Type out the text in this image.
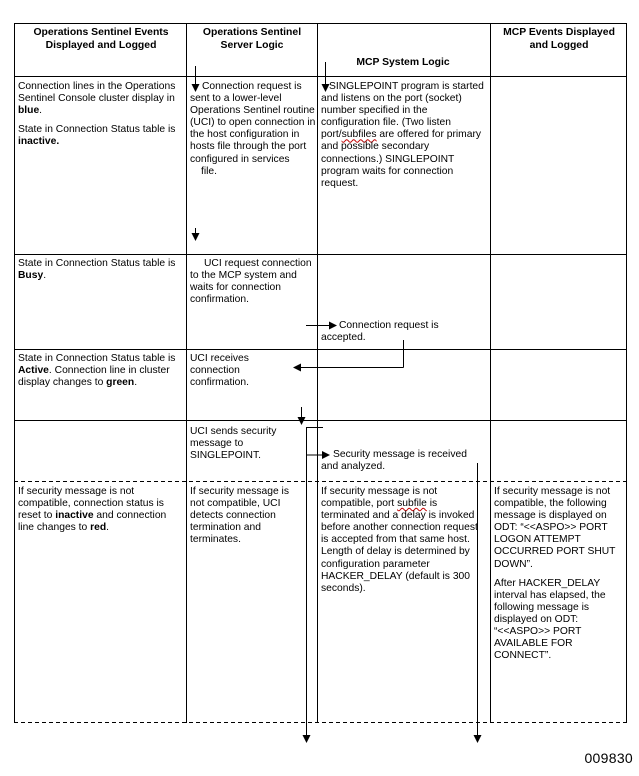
Operations Sentinel Events Displayed and Logged
Operations Sentinel Server Logic
MCP System Logic
MCP Events Displayed and Logged

Connection lines in the Operations Sentinel Console cluster display in blue.

State in Connection Status table is inactive.

Connection request is sent to a lower-level Operations Sentinel routine (UCI) to open connection in the host configuration in hosts file through the port configured in services
file.
SINGLEPOINT program is started and listens on the port (socket) number specified in the configuration file. (Two listen port/subfiles are offered for primary and possible secondary connections.) SINGLEPOINT program waits for connection request.
State in Connection Status table is Busy.
UCI request connection to the MCP system and waits for connection confirmation.
Connection request is accepted.
State in Connection Status table is Active. Connection line in cluster display changes to green.
UCI receives connection confirmation.
UCI sends security message to SINGLEPOINT.	Security message is received and analyzed.
If security message is not compatible, connection status is reset to inactive and connection line changes to red.
If security message is not compatible, UCI detects connection termination and terminates.
If security message is not compatible, port subfile is terminated and a delay is invoked before another connection request is accepted from that same host. Length of delay is determined by configuration parameter HACKER_DELAY (default is 300 seconds).

If security message is not compatible, the following message is displayed on ODT: “<<ASPO>> PORT LOGON ATTEMPT OCCURRED PORT SHUT DOWN”.

After HACKER_DELAY interval has elapsed, the following message is displayed on ODT: “<<ASPO>> PORT AVAILABLE FOR CONNECT”.

009830
